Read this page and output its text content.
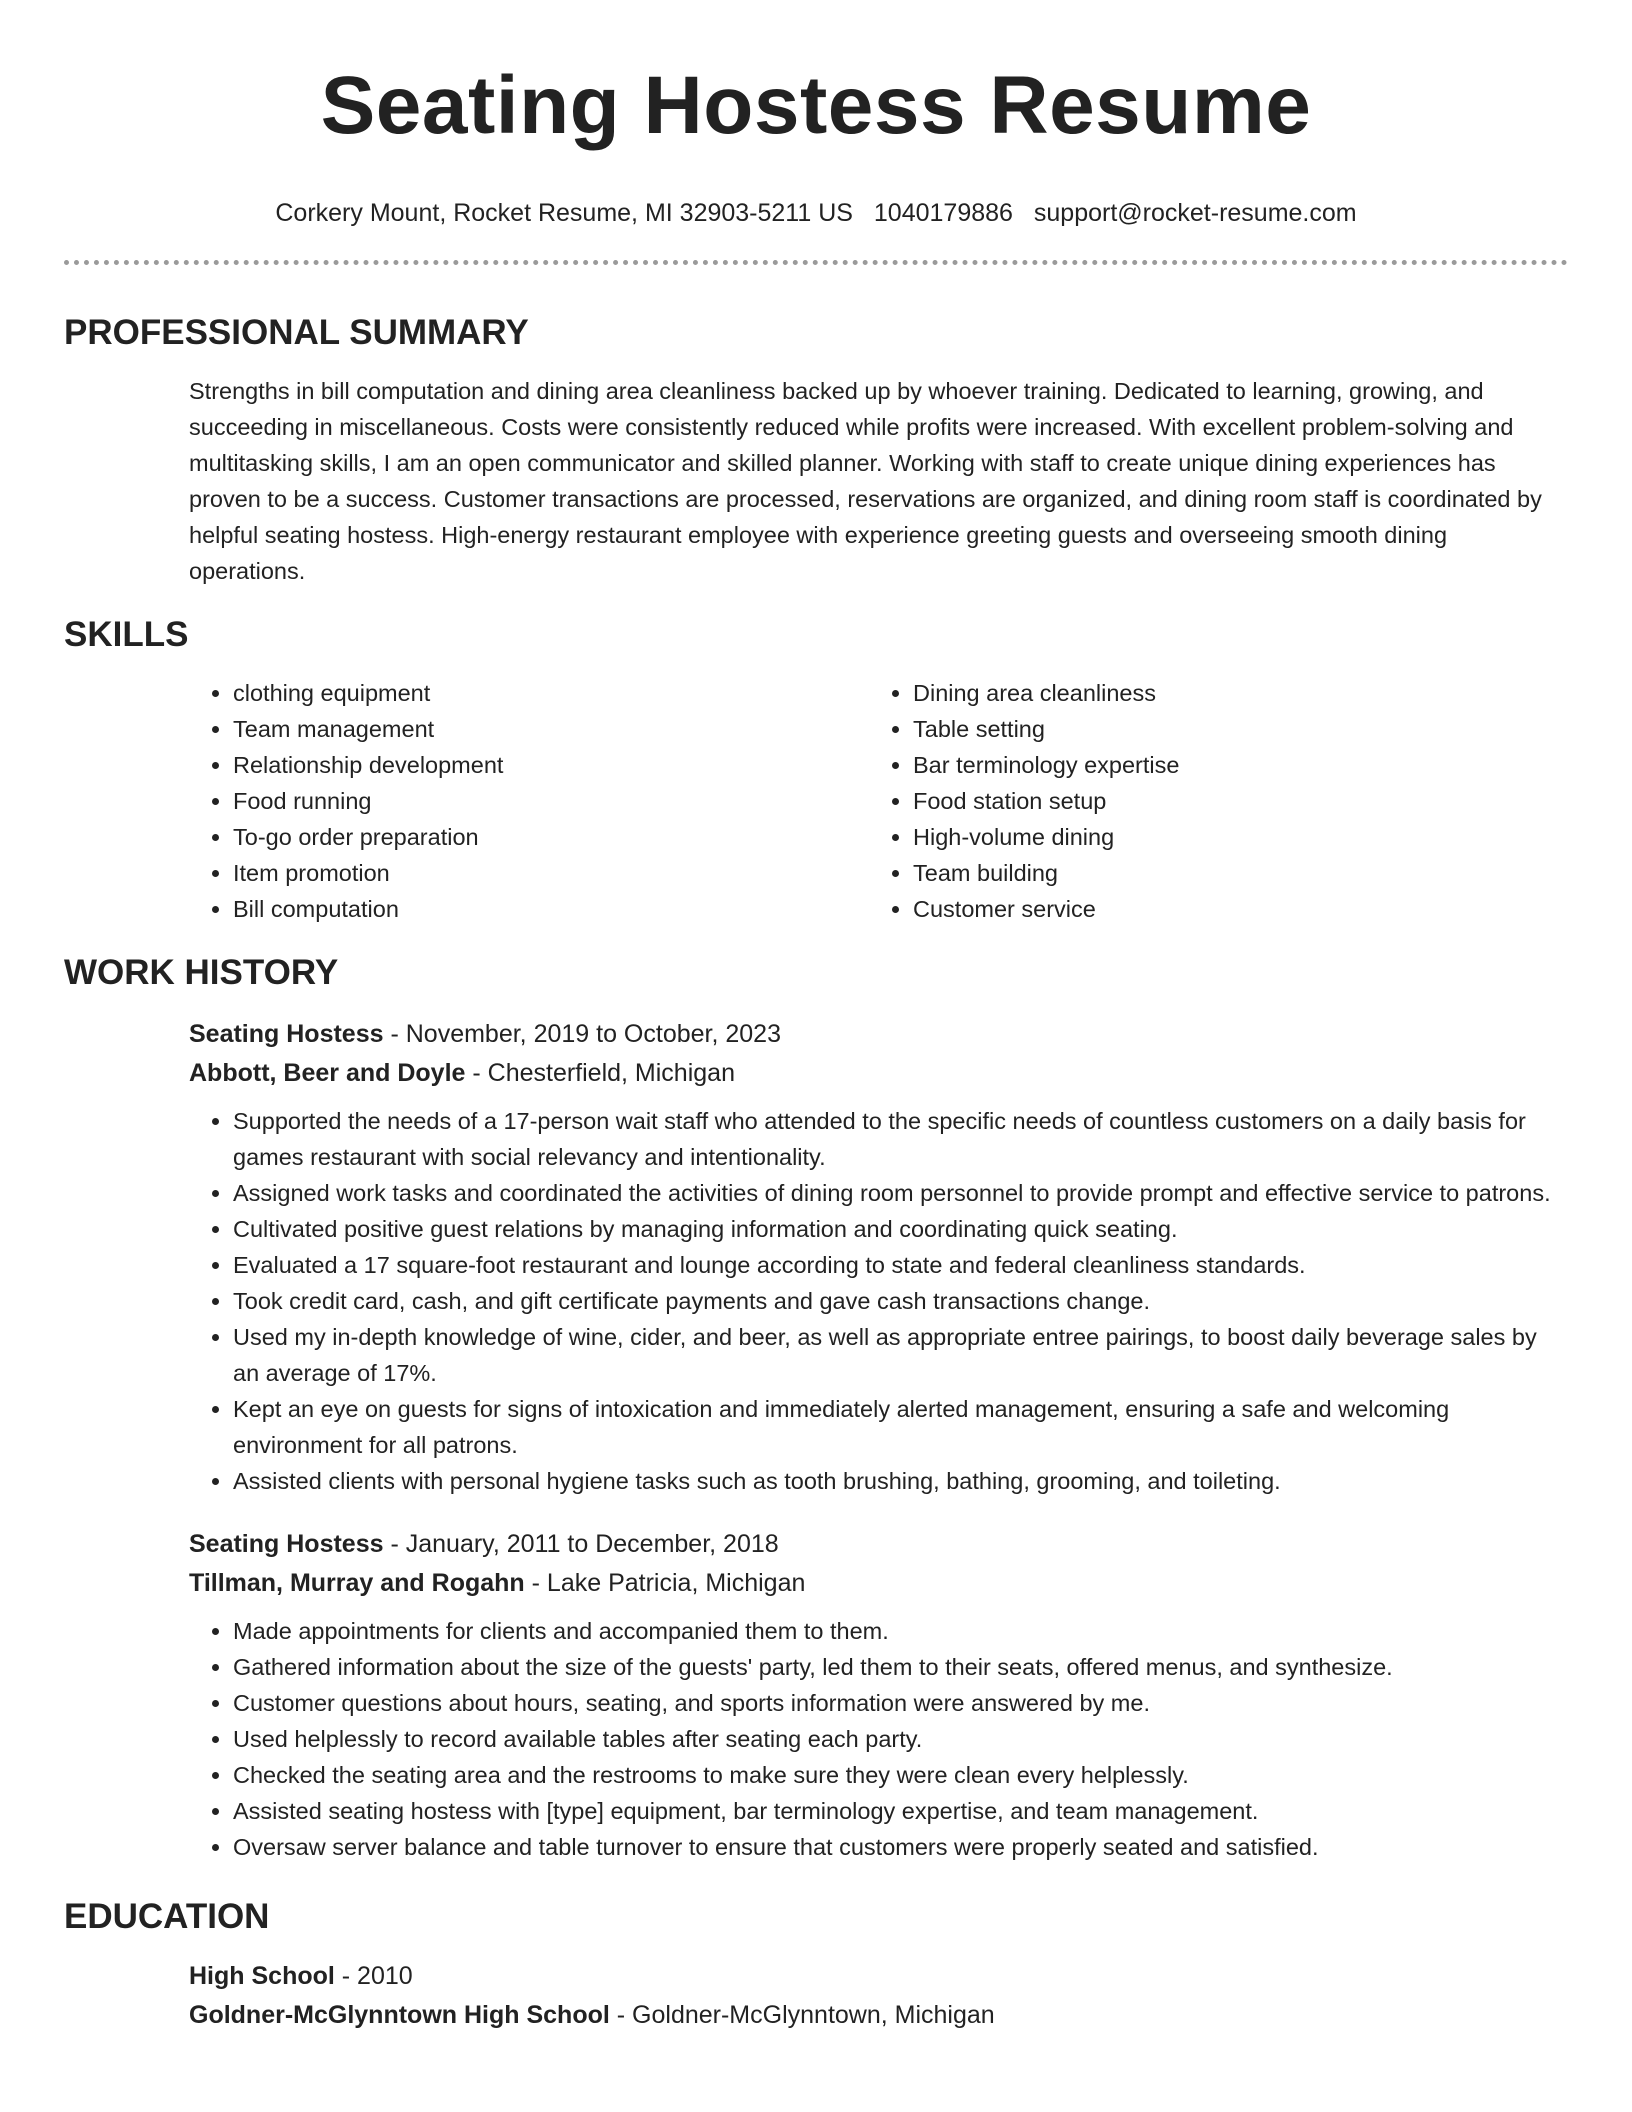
Seating Hostess Resume
Corkery Mount, Rocket Resume, MI 32903-5211 US 1040179886 support@rocket-resume.com
PROFESSIONAL SUMMARY
Strengths in bill computation and dining area cleanliness backed up by whoever training. Dedicated to learning, growing, and succeeding in miscellaneous. Costs were consistently reduced while profits were increased. With excellent problem-solving and multitasking skills, I am an open communicator and skilled planner. Working with staff to create unique dining experiences has proven to be a success. Customer transactions are processed, reservations are organized, and dining room staff is coordinated by helpful seating hostess. High-energy restaurant employee with experience greeting guests and overseeing smooth dining operations.
SKILLS
• clothing equipment
• Team management
• Relationship development
• Food running
• To-go order preparation
• Item promotion
• Bill computation
• Dining area cleanliness
• Table setting
• Bar terminology expertise
• Food station setup
• High-volume dining
• Team building
• Customer service
WORK HISTORY
Seating Hostess - November, 2019 to October, 2023
Abbott, Beer and Doyle - Chesterfield, Michigan
• Supported the needs of a 17-person wait staff who attended to the specific needs of countless customers on a daily basis for games restaurant with social relevancy and intentionality.
• Assigned work tasks and coordinated the activities of dining room personnel to provide prompt and effective service to patrons.
• Cultivated positive guest relations by managing information and coordinating quick seating.
• Evaluated a 17 square-foot restaurant and lounge according to state and federal cleanliness standards.
• Took credit card, cash, and gift certificate payments and gave cash transactions change.
• Used my in-depth knowledge of wine, cider, and beer, as well as appropriate entree pairings, to boost daily beverage sales by an average of 17%.
• Kept an eye on guests for signs of intoxication and immediately alerted management, ensuring a safe and welcoming environment for all patrons.
• Assisted clients with personal hygiene tasks such as tooth brushing, bathing, grooming, and toileting.
Seating Hostess - January, 2011 to December, 2018
Tillman, Murray and Rogahn - Lake Patricia, Michigan
• Made appointments for clients and accompanied them to them.
• Gathered information about the size of the guests' party, led them to their seats, offered menus, and synthesize.
• Customer questions about hours, seating, and sports information were answered by me.
• Used helplessly to record available tables after seating each party.
• Checked the seating area and the restrooms to make sure they were clean every helplessly.
• Assisted seating hostess with [type] equipment, bar terminology expertise, and team management.
• Oversaw server balance and table turnover to ensure that customers were properly seated and satisfied.
EDUCATION
High School - 2010
Goldner-McGlynntown High School - Goldner-McGlynntown, Michigan
